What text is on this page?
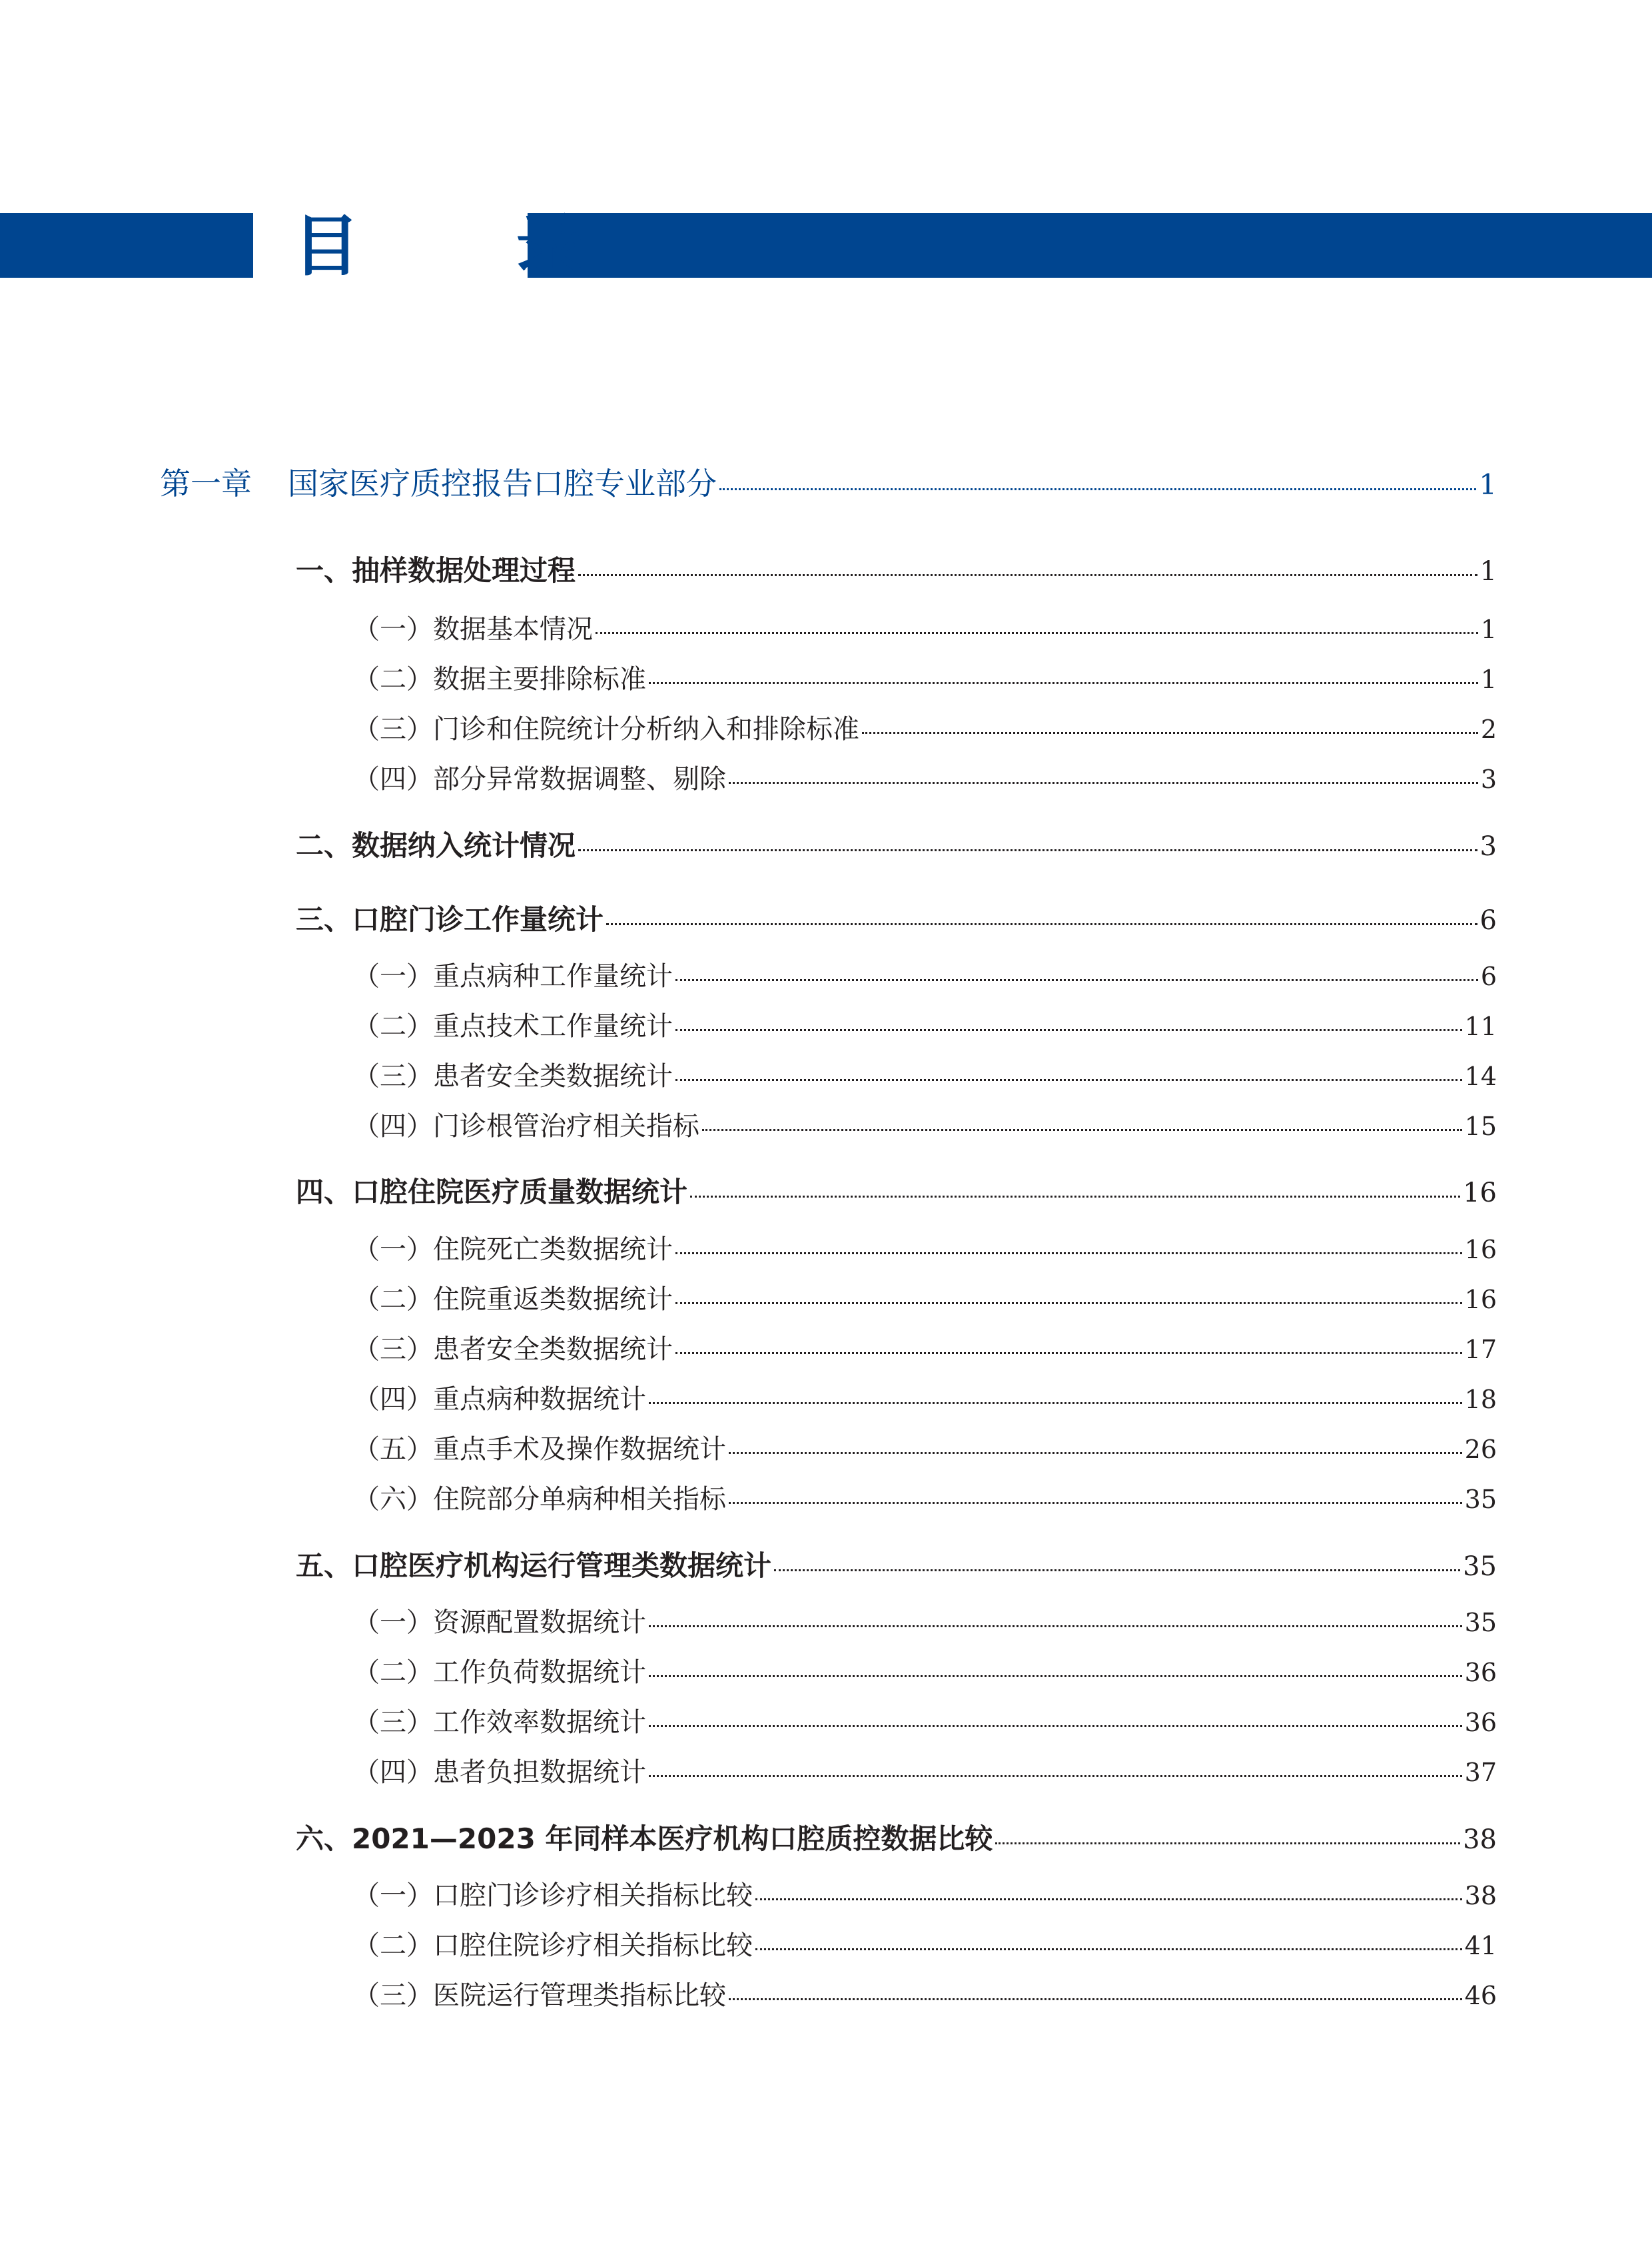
目 录
第一章 国家医疗质控报告口腔专业部分	1
一、抽样数据处理过程	1
（一）数据基本情况	1
（二）数据主要排除标准	1
（三）门诊和住院统计分析纳入和排除标准	2
（四）部分异常数据调整、剔除	3
二、数据纳入统计情况	3
三、口腔门诊工作量统计	6
（一）重点病种工作量统计	6
（二）重点技术工作量统计	11
（三）患者安全类数据统计	14
（四）门诊根管治疗相关指标	15
四、口腔住院医疗质量数据统计	16
（一）住院死亡类数据统计	16
（二）住院重返类数据统计	16
（三）患者安全类数据统计	17
（四）重点病种数据统计	18
（五）重点手术及操作数据统计	26
（六）住院部分单病种相关指标	35
五、口腔医疗机构运行管理类数据统计	35
（一）资源配置数据统计	35
（二）工作负荷数据统计	36
（三）工作效率数据统计	36
（四）患者负担数据统计	37
六、2021—2023 年同样本医疗机构口腔质控数据比较	38
（一）口腔门诊诊疗相关指标比较	38
（二）口腔住院诊疗相关指标比较	41
（三）医院运行管理类指标比较	46
